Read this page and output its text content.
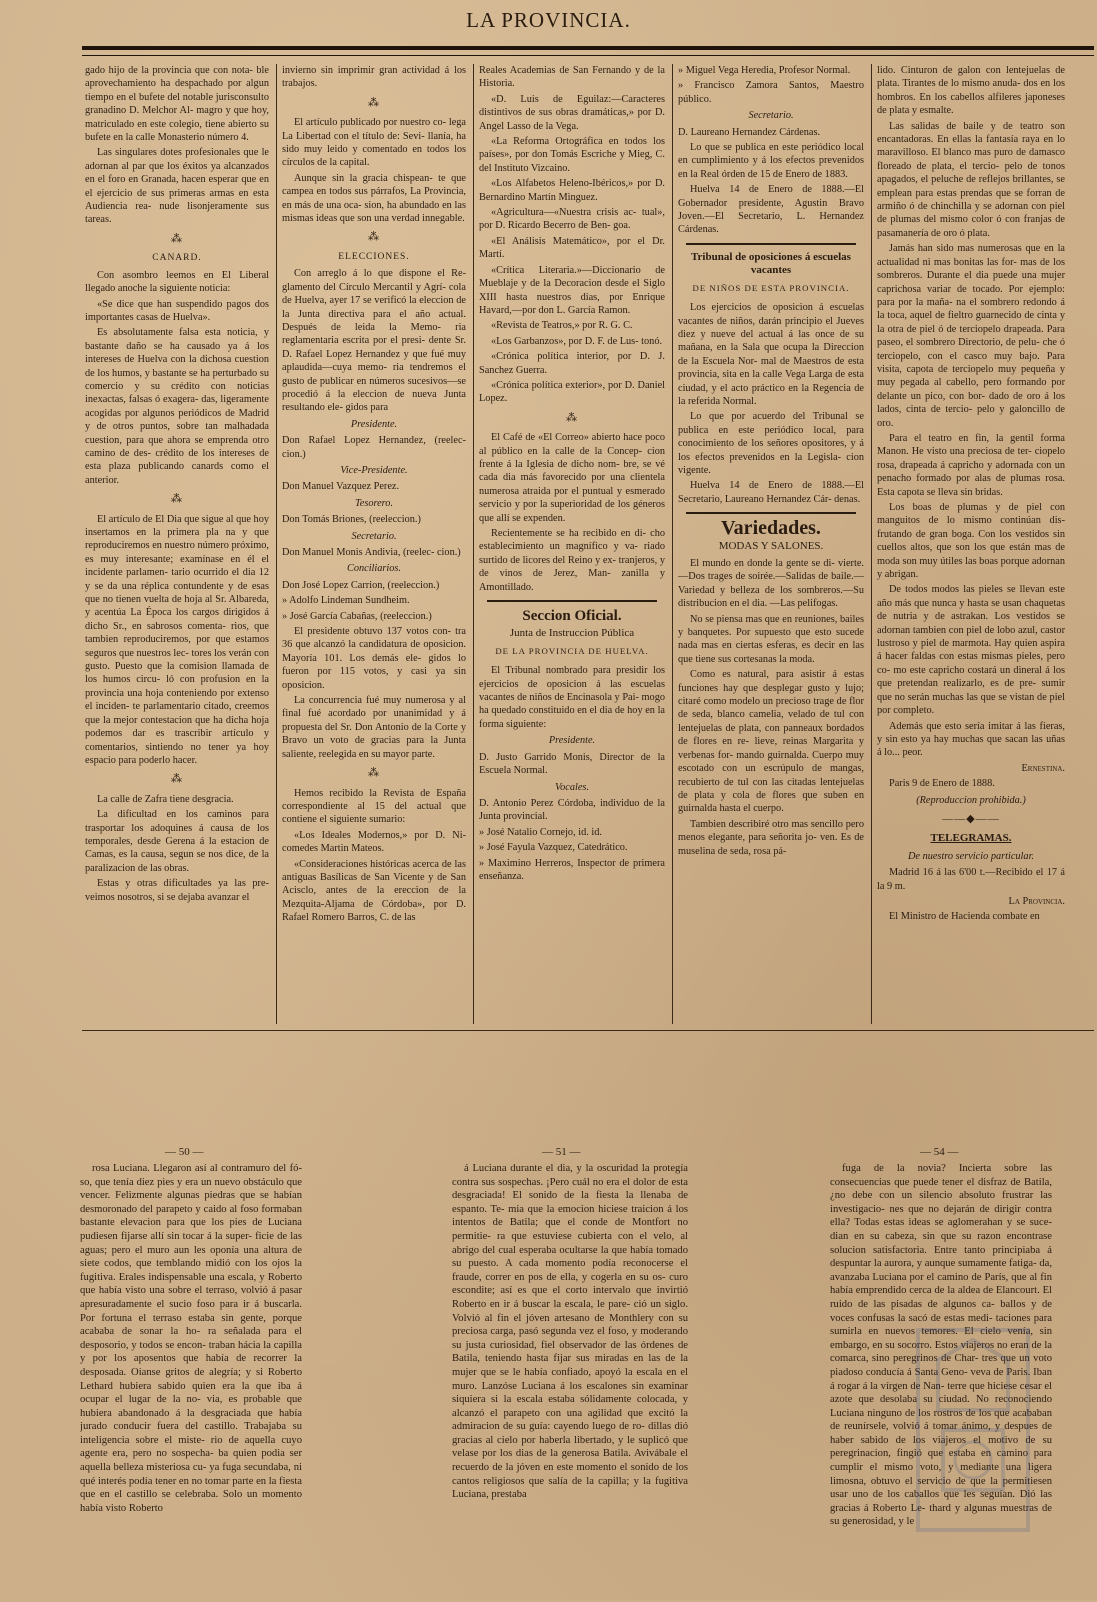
LA PROVINCIA.

gado hijo de la provincia que con nota- ble aprovechamiento ha despachado por algun tiempo en el bufete del notable jurisconsulto granadino D. Melchor Al- magro y que hoy, matriculado en este colegio, tiene abierto su bufete en la calle Monasterio número 4.

Las singulares dotes profesionales que le adornan al par que los éxitos ya alcanzados en el foro en Granada, hacen esperar que en el ejercicio de sus primeras armas en esta Audiencia rea- nude lisonjeramente sus tareas.

⁂
CANARD.

Con asombro leemos en El Liberal llegado anoche la siguiente noticia:

«Se dice que han suspendido pagos dos importantes casas de Huelva».

Es absolutamente falsa esta noticia, y bastante daño se ha causado ya á los intereses de Huelva con la dichosa cuestion de los humos, y bastante se ha perturbado su comercio y su crédito con noticias inexactas, falsas ó exagera- das, ligeramente acogidas por algunos periódicos de Madrid y de otros puntos, sobre tan malhadada cuestion, para que ahora se emprenda otro camino de des- crédito de los intereses de esta plaza publicando canards como el anterior.

⁂

El artículo de El Dia que sigue al que hoy insertamos en la primera pla na y que reproduciremos en nuestro número próximo, es muy interesante; examínase en él el incidente parlamen- tario ocurrido el dia 12 y se da una réplica contundente y de esas que no tienen vuelta de hoja al Sr. Albareda, y acentúa La Época los cargos dirigidos á dicho Sr., en sabrosos comenta- rios, que tambien reproduciremos, por que estamos seguros que nuestros lec- tores los verán con gusto. Puesto que la comision llamada de los humos circu- ló con profusion en la provincia una hoja conteniendo por extenso el inciden- te parlamentario citado, creemos que la mejor contestacion que ha dicha hoja podemos dar es trascribir artículo y comentarios, sintiendo no tener ya hoy espacio para poderlo hacer.

⁂

La calle de Zafra tiene desgracia.

La dificultad en los caminos para trasportar los adoquines á causa de los temporales, desde Gerena á la estacion de Camas, es la causa, segun se nos dice, de la paralizacion de las obras.

Estas y otras dificultades ya las pre- veimos nosotros, si se dejaba avanzar el

invierno sin imprimir gran actividad á los trabajos.

⁂

El artículo publicado por nuestro co- lega La Libertad con el título de: Sevi- llanía, ha sido muy leido y comentado en todos los círculos de la capital.

Aunque sin la gracia chispean- te que campea en todos sus párrafos, La Provincia, en más de una oca- sion, ha abundado en las mismas ideas que son una verdad innegable.

⁂
ELECCIONES.

Con arreglo á lo que dispone el Re- glamento del Círculo Mercantil y Agrí- cola de Huelva, ayer 17 se verificó la eleccion de la Junta directiva para el año actual. Después de leida la Memo- ria reglamentaria escrita por el presi- dente Sr. D. Rafael Lopez Hernandez y que fué muy aplaudida—cuya memo- ria tendremos el gusto de publicar en números sucesivos—se procedió á la eleccion de nueva Junta resultando ele- gidos para

Presidente.

Don Rafael Lopez Hernandez, (reelec- cion.)

Vice-Presidente.

Don Manuel Vazquez Perez.

Tesorero.

Don Tomás Briones, (reeleccion.)

Secretario.

Don Manuel Monis Andivia, (reelec- cion.)

Conciliarios.

Don José Lopez Carrion, (reeleccion.)

» Adolfo Lindeman Sundheim.

» José García Cabañas, (reeleccion.)

El presidente obtuvo 137 votos con- tra 36 que alcanzó la candidatura de oposicion. Mayoría 101. Los demás ele- gidos lo fueron por 115 votos, y casi ya sin oposicion.

La concurrencia fué muy numerosa y al final fué acordado por unanimidad y á propuesta del Sr. Don Antonio de la Corte y Bravo un voto de gracias para la Junta saliente, reelegida en su mayor parte.

⁂

Hemos recibido la Revista de España correspondiente al 15 del actual que contiene el siguiente sumario:

«Los Ideales Modernos,» por D. Ni- comedes Martin Mateos.

«Consideraciones históricas acerca de las antiguas Basílicas de San Vicente y de San Acisclo, antes de la ereccion de la Mezquita-Aljama de Córdoba», por D. Rafael Romero Barros, C. de las

Reales Academias de San Fernando y de la Historia.

«D. Luis de Eguilaz:—Caracteres distintivos de sus obras dramáticas,» por D. Angel Lasso de la Vega.

«La Reforma Ortográfica en todos los países», por don Tomás Escriche y Mieg, C. del Instituto Vizcaino.

«Los Alfabetos Heleno-Ibéricos,» por D. Bernardino Martín Minguez.

«Agricultura—«Nuestra crisis ac- tual», por D. Ricardo Becerro de Ben- goa.

«El Análisis Matemático», por el Dr. Martí.

«Crítica Literaria.»—Diccionario de Mueblaje y de la Decoracion desde el Siglo XIII hasta nuestros dias, por Enrique Havard,—por don L. García Ramon.

«Revista de Teatros,» por R. G. C.

«Los Garbanzos», por D. F. de Lus- tonó.

«Crónica política interior, por D. J. Sanchez Guerra.

«Crónica política exterior», por D. Daniel Lopez.

⁂

El Café de «El Correo» abierto hace poco al público en la calle de la Concep- cion frente á la Iglesia de dicho nom- bre, se vé cada dia más favorecido por una clientela numerosa atraida por el puntual y esmerado servicio y por la superioridad de los géneros que allí se expenden.

Recientemente se ha recibido en di- cho establecimiento un magnífico y va- riado surtido de licores del Reino y ex- tranjeros, y de vinos de Jerez, Man- zanilla y Amontillado.

Seccion Oficial.
Junta de Instruccion Pública
DE LA PROVINCIA DE HUELVA.

El Tribunal nombrado para presidir los ejercicios de oposicion á las escuelas vacantes de niños de Encinasola y Pai- mogo ha quedado constituido en el dia de hoy en la forma siguiente:

Presidente.

D. Justo Garrido Monis, Director de la Escuela Normal.

Vocales.

D. Antonio Perez Córdoba, individuo de la Junta provincial.

» José Natalio Cornejo, id. id.

» José Fayula Vazquez, Catedrático.

» Maximino Herreros, Inspector de primera enseñanza.

» Miguel Vega Heredia, Profesor Normal.

» Francisco Zamora Santos, Maestro público.

Secretario.

D. Laureano Hernandez Cárdenas.

Lo que se publica en este periódico local en cumplimiento y á los efectos prevenidos en la Real órden de 15 de Enero de 1883.

Huelva 14 de Enero de 1888.—El Gobernador presidente, Agustin Bravo Joven.—El Secretario, L. Hernandez Cárdenas.

Tribunal de oposiciones á escuelas vacantes
DE NIÑOS DE ESTA PROVINCIA.

Los ejercicios de oposicion á escuelas vacantes de niños, darán principio el Jueves diez y nueve del actual á las once de su mañana, en la Sala que ocupa la Direccion de la Escuela Nor- mal de Maestros de esta provincia, sita en la calle Vega Larga de esta ciudad, y el acto práctico en la Regencia de la referida Normal.

Lo que por acuerdo del Tribunal se publica en este periódico local, para conocimiento de los señores opositores, y á los efectos prevenidos en la Legisla- cion vigente.

Huelva 14 de Enero de 1888.—El Secretario, Laureano Hernandez Cár- denas.

Variedades.
MODAS Y SALONES.

El mundo en donde la gente se di- vierte.—Dos trages de soirée.—Salidas de baile.—Variedad y belleza de los sombreros.—Su distribucion en el dia. —Las pelifogas.

No se piensa mas que en reuniones, bailes y banquetes. Por supuesto que esto sucede nada mas en ciertas esferas, es decir en las que tiene sus cortesanas la moda.

Como es natural, para asistir á estas funciones hay que desplegar gusto y lujo; citaré como modelo un precioso trage de flor de seda, blanco camelia, velado de tul con lentejuelas de plata, con panneaux bordados de flores en re- lieve, reinas Margarita y verbenas for- mando guirnalda. Cuerpo muy escotado con un escrúpulo de mangas, recubierto de tul con las citadas lentejuelas de plata y cola de flores que suben en guirnalda hasta el cuerpo.

Tambien describiré otro mas sencillo pero menos elegante, para señorita jo- ven. Es de muselina de seda, rosa pá-

lido. Cinturon de galon con lentejuelas de plata. Tirantes de lo mismo anuda- dos en los hombros. En los cabellos alfileres japoneses de plata y esmalte.

Las salidas de baile y de teatro son encantadoras. En ellas la fantasía raya en lo maravilloso. El blanco mas puro de damasco floreado de plata, el tercio- pelo de tonos apagados, el peluche de reflejos brillantes, se emplean para estas prendas que se forran de armiño ó de chinchilla y se adornan con piel de plumas del mismo color ó con franjas de pasamanería de oro ó plata.

Jamás han sido mas numerosas que en la actualidad ni mas bonitas las for- mas de los sombreros. Durante el dia puede una mujer caprichosa variar de tocado. Por ejemplo: para por la maña- na el sombrero redondo á la toca, aquel de fieltro guarnecido de cinta y la otra de piel ó de terciopelo drapeada. Para paseo, el sombrero Directorio, de pelu- che ó terciopelo, con el casco muy bajo. Para visita, capota de terciopelo muy pequeña y muy pegada al cabello, pero formando por delante un pico, con bor- dado de oro á los lados, cinta de tercio- pelo y galoncillo de oro.

Para el teatro en fin, la gentil forma Manon. He visto una preciosa de ter- ciopelo rosa, drapeada á capricho y adornada con un penacho formado por alas de plumas rosa. Esta capota se lleva sin bridas.

Los boas de plumas y de piel con manguitos de lo mismo continúan dis- frutando de gran boga. Con los vestidos sin cuellos altos, que son los que están mas de moda son muy útiles las boas porque adornan y abrigan.

De todos modos las pieles se llevan este año más que nunca y hasta se usan chaquetas de nutria y de astrakan. Los vestidos se adornan tambien con piel de lobo azul, castor lustroso y piel de marmota. Hay quien aspira á hacer faldas con estas mismas pieles, pero co- mo este capricho costará un dineral á los que pretendan realizarlo, es de pre- sumir que no serán muchas las que se vistan de piel por completo.

Además que esto sería imitar á las fieras, y sin esto ya hay muchas que sacan las uñas á lo... peor.

Ernestina.

Paris 9 de Enero de 1888.

(Reproduccion prohibida.)

——◆——
TELEGRAMAS.

De nuestro servicio particular.

Madrid 16 á las 6'00 t.—Recibido el 17 á la 9 m.

La Provincia.

El Ministro de Hacienda combate en

— 50 —	— 51 —	— 54 —

rosa Luciana. Llegaron así al contramuro del fó- so, que tenía diez pies y era un nuevo obstáculo que vencer. Felizmente algunas piedras que se habían desmoronado del parapeto y caido al foso formaban bastante elevacion para que los pies de Luciana pudiesen fijarse allí sin tocar á la super- ficie de las aguas; pero el muro aun les oponía una altura de siete codos, que temblando midió con los ojos la fugitiva. Erales indispensable una escala, y Roberto que había visto una sobre el terraso, volvió á pasar apresuradamente el sucio foso para ir á buscarla. Por fortuna el terraso estaba sin gente, porque acababa de sonar la ho- ra señalada para el desposorio, y todos se encon- traban hácia la capilla y por los aposentos que había de recorrer la desposada. Oianse gritos de alegría; y si Roberto Lethard hubiera sabido quien era la que iba á ocupar el lugar de la no- via, es probable que hubiera abandonado á la desgraciada que había jurado conducir fuera del castillo. Trabajaba su inteligencia sobre el miste- rio de aquella cuyo agente era, pero no sospecha- ba quien podia ser aquella belleza misteriosa cu- ya fuga secundaba, ni qué interés podía tener en no tomar parte en la fiesta que en el castillo se celebraba. Solo un momento había visto Roberto

á Luciana durante el dia, y la oscuridad la protegía contra sus sospechas. ¡Pero cuál no era el dolor de esta desgraciada! El sonido de la fiesta la llenaba de espanto. Te- mia que la emocion hiciese traicion á los intentos de Batila; que el conde de Montfort no permitie- ra que estuviese cubierta con el velo, al abrigo del cual esperaba ocultarse la que había tomado su puesto. A cada momento podía reconocerse el fraude, correr en pos de ella, y cogerla en su os- curo escondite; así es que el corto intervalo que invirtió Roberto en ir á buscar la escala, le pare- ció un siglo. Volvió al fin el jóven artesano de Monthlery con su preciosa carga, pasó segunda vez el foso, y moderando su justa curiosidad, fiel observador de las órdenes de Batila, teniendo hasta fijar sus miradas en las de la mujer que se le había confiado, apoyó la escala en el muro. Lanzóse Luciana á los escalones sin examinar siquiera si la escala estaba sólidamente colocada, y alcanzó el parapeto con una agilidad que excitó la admiracion de su guía: cayendo luego de ro- dillas dió gracias al cielo por haberla libertado, y le suplicó que velase por los dias de la generosa Batila. Avivábale el recuerdo de la jóven en este momento el sonido de los cantos religiosos que salía de la capilla; y la fugitiva Luciana, prestaba

fuga de la novia? Incierta sobre las consecuencias que puede tener el disfraz de Batila, ¿no debe con un silencio absoluto frustrar las investigacio- nes que no dejarán de dirigir contra ella? Todas estas ideas se aglomerahan y se suce- dian en su cabeza, sin que su razon encontrase solucion satisfactoria. Entre tanto principiaba á despuntar la aurora, y aunque sumamente fatiga- da, avanzaba Luciana por el camino de París, que al fin había emprendido cerca de la aldea de Elancourt. El ruido de las pisadas de algunos ca- ballos y de voces confusas la sacó de estas medi- taciones para sumirla en nuevos temores. El cielo venía, sin embargo, en su socorro. Estos viajeros no eran de la comarca, sino peregrinos de Char- tres que un voto piadoso conducía á Santa Geno- veva de Paris. Iban á rogar á la vírgen de Nan- terre que hiciese cesar el azote que desolaba su ciudad. No reconociendo Luciana ninguno de los rostros de los que acababan de reunírsele, volvió á tomar ánimo, y despues de haber sabido de los viajeros el motivo de su peregrinacion, fingió que estaba en camino para cumplir el mismo voto, y mediante una ligera limosna, obtuvo el servicio de que la permitiesen usar uno de los caballos que les seguían. Dió las gracias á Roberto Le- thard y algunas muestras de su generosidad, y le
